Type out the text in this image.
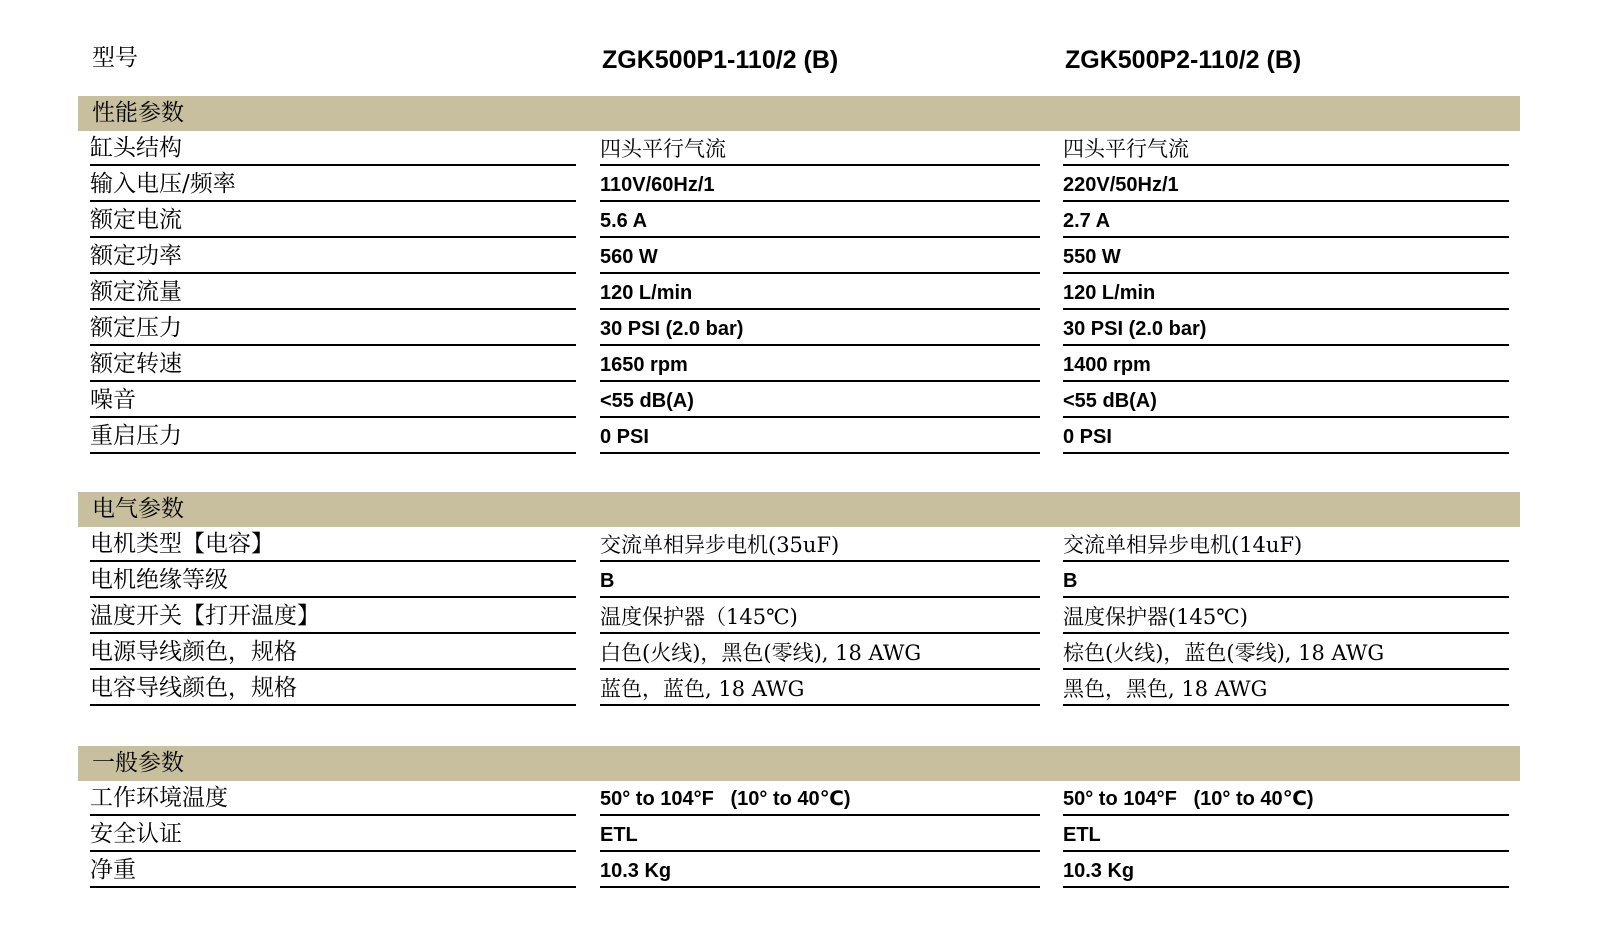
型号	ZGK500P1-110/2 (B)	ZGK500P2-110/2 (B)
性能参数
缸头结构	四头平行气流	四头平行气流
输入电压/频率	110V/60Hz/1	220V/50Hz/1
额定电流	5.6 A	2.7 A
额定功率	560 W	550 W
额定流量	120 L/min	120 L/min
额定压力	30 PSI (2.0 bar)	30 PSI (2.0 bar)
额定转速	1650 rpm	1400 rpm
噪音	<55 dB(A)	<55 dB(A)
重启压力	0 PSI	0 PSI
电气参数
电机类型【电容】	交流单相异步电机(35uF)	交流单相异步电机(14uF)
电机绝缘等级	B	B
温度开关【打开温度】	温度保护器（145℃)	温度保护器(145℃)
电源导线颜色，规格	白色(火线)，黑色(零线), 18 AWG	棕色(火线)，蓝色(零线), 18 AWG
电容导线颜色，规格	蓝色，蓝色, 18 AWG	黑色，黑色, 18 AWG
一般参数
工作环境温度	50° to 104°F   (10° to 40℃)	50° to 104°F   (10° to 40℃)
安全认证	ETL	ETL
净重	10.3 Kg	10.3 Kg
